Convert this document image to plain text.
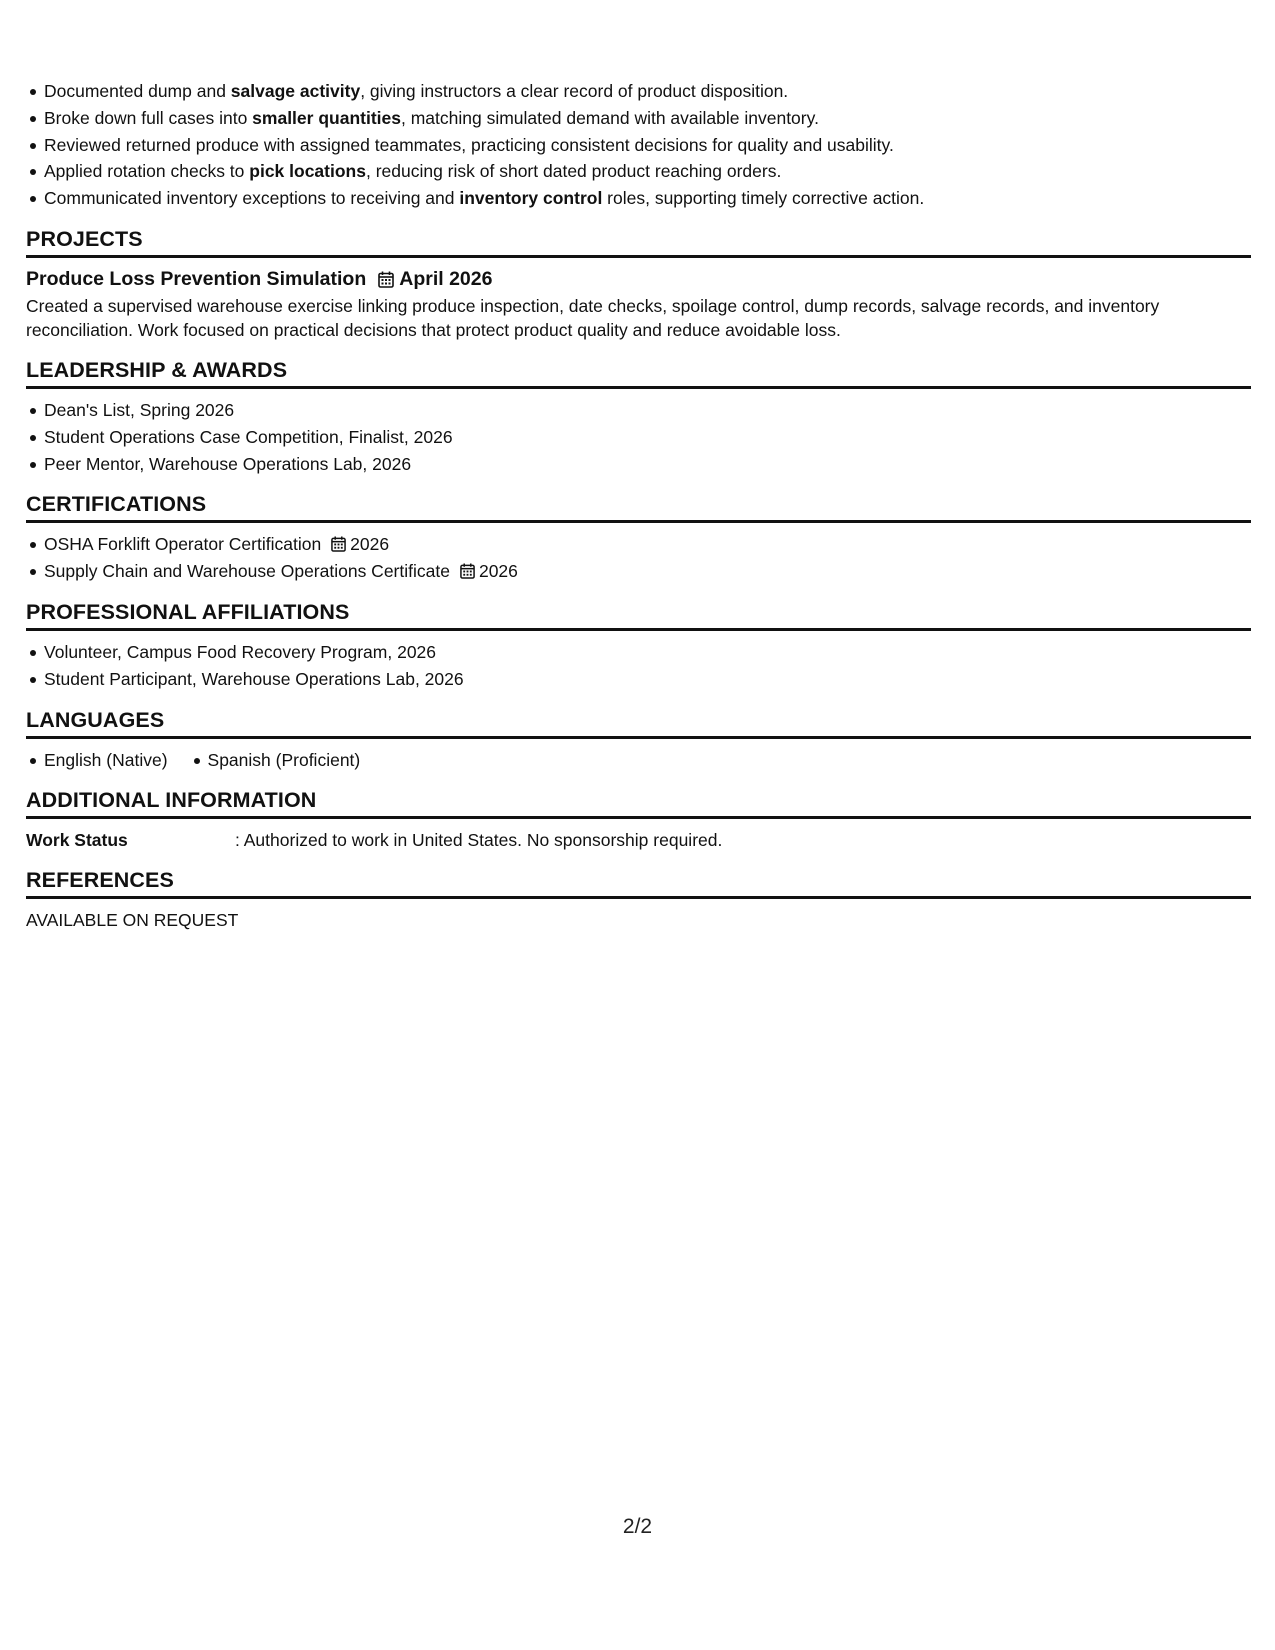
Documented dump and salvage activity, giving instructors a clear record of product disposition.
Broke down full cases into smaller quantities, matching simulated demand with available inventory.
Reviewed returned produce with assigned teammates, practicing consistent decisions for quality and usability.
Applied rotation checks to pick locations, reducing risk of short dated product reaching orders.
Communicated inventory exceptions to receiving and inventory control roles, supporting timely corrective action.
PROJECTS
Produce Loss Prevention Simulation April 2026

Created a supervised warehouse exercise linking produce inspection, date checks, spoilage control, dump records, salvage records, and inventory reconciliation. Work focused on practical decisions that protect product quality and reduce avoidable loss.

LEADERSHIP & AWARDS
Dean's List, Spring 2026
Student Operations Case Competition, Finalist, 2026
Peer Mentor, Warehouse Operations Lab, 2026
CERTIFICATIONS
OSHA Forklift Operator Certification 2026
Supply Chain and Warehouse Operations Certificate 2026
PROFESSIONAL AFFILIATIONS
Volunteer, Campus Food Recovery Program, 2026
Student Participant, Warehouse Operations Lab, 2026
LANGUAGES
English (Native) Spanish (Proficient)
ADDITIONAL INFORMATION
Work Status	: Authorized to work in United States. No sponsorship required.
REFERENCES
AVAILABLE ON REQUEST
2/2
